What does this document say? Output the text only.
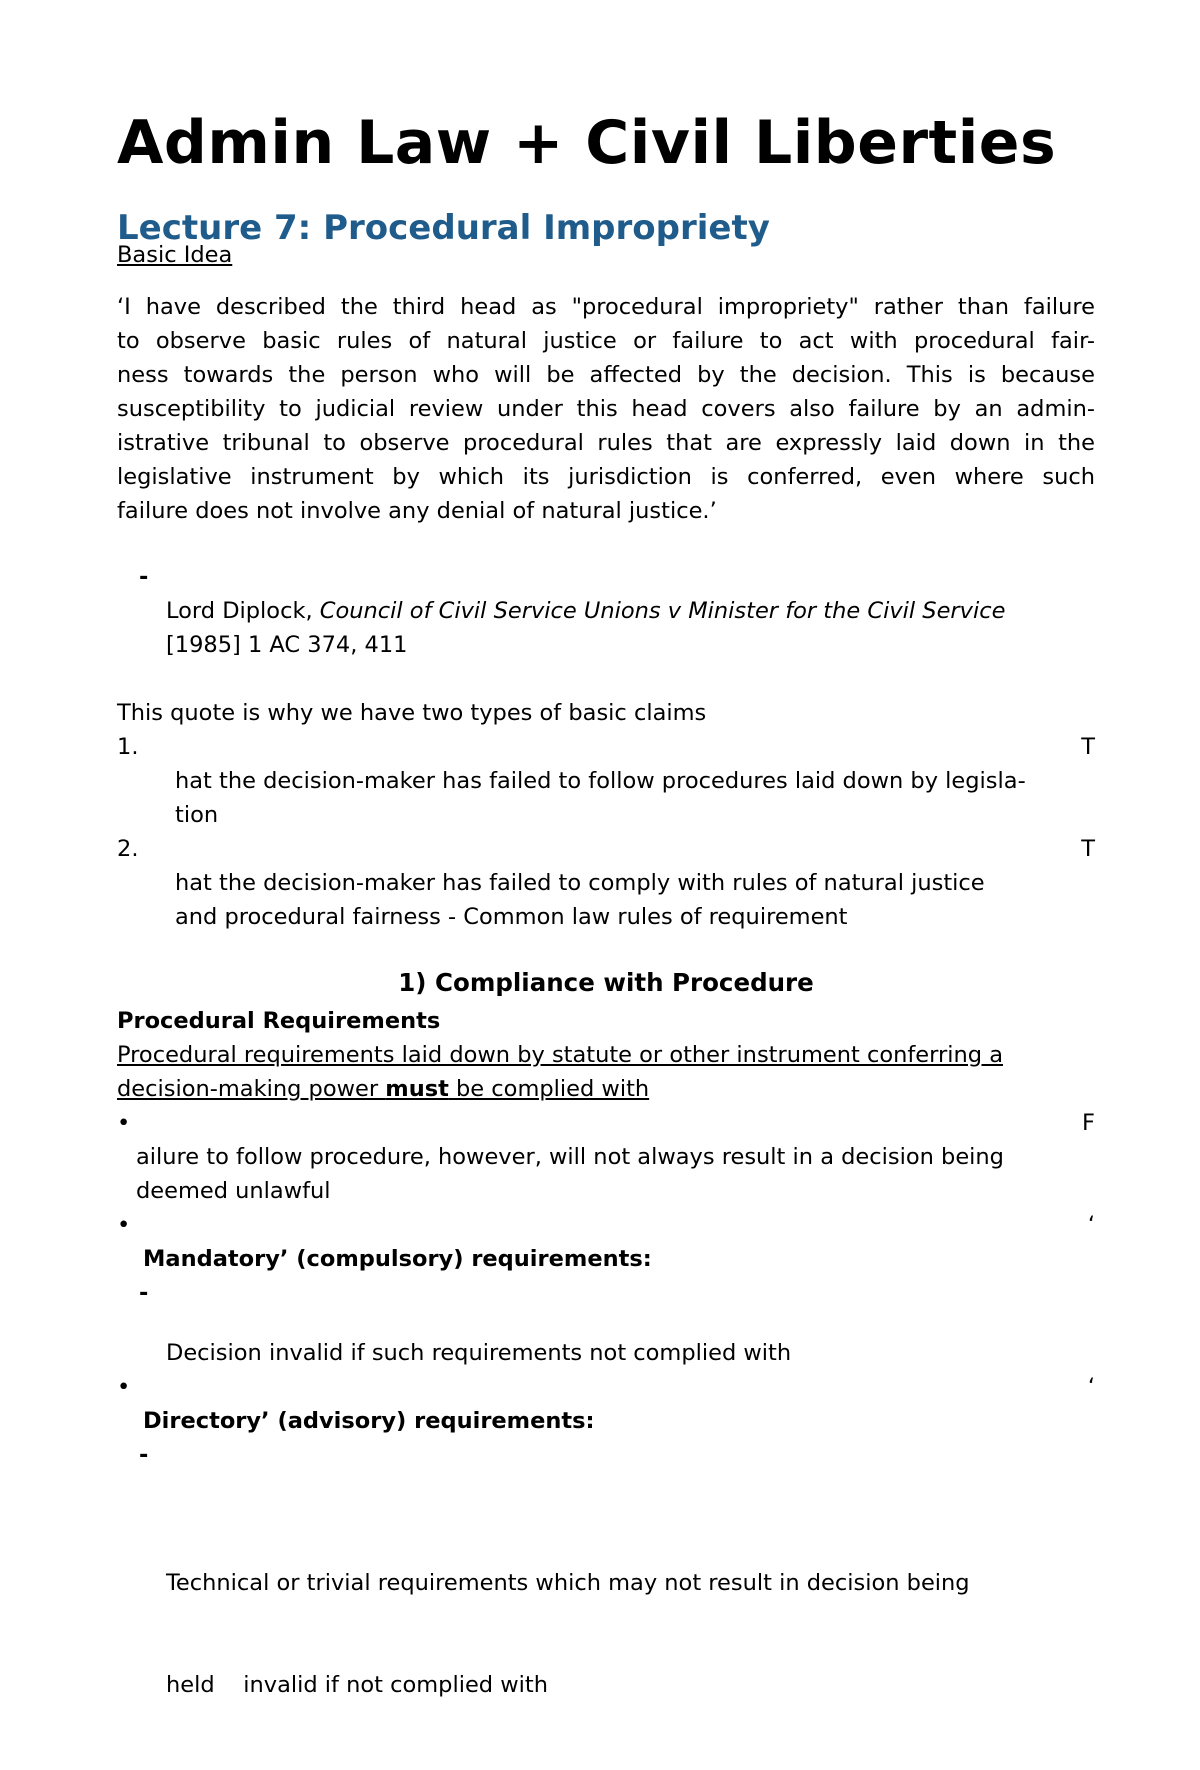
Admin Law + Civil Liberties
Lecture 7: Procedural Impropriety
Basic Idea
‘I have described the third head as "procedural impropriety" rather than failure
to observe basic rules of natural justice or failure to act with procedural fair-
ness towards the person who will be affected by the decision. This is because
susceptibility to judicial review under this head covers also failure by an admin-
istrative tribunal to observe procedural rules that are expressly laid down in the
legislative instrument by which its jurisdiction is conferred, even where such
failure does not involve any denial of natural justice.’
-
Lord Diplock, Council of Civil Service Unions v Minister for the Civil Service
[1985] 1 AC 374, 411
This quote is why we have two types of basic claims
1.	T
hat the decision-maker has failed to follow procedures laid down by legisla-
tion
2.	T
hat the decision-maker has failed to comply with rules of natural justice
and procedural fairness - Common law rules of requirement
1) Compliance with Procedure
Procedural Requirements
Procedural requirements laid down by statute or other instrument conferring a
decision-making power must be complied with
•	F
ailure to follow procedure, however, will not always result in a decision being
deemed unlawful
•	‘
Mandatory’ (compulsory) requirements:
-
Decision invalid if such requirements not complied with
•	‘
Directory’ (advisory) requirements:
-

Technical or trivial requirements which may not result in decision being

held    invalid if not complied with
